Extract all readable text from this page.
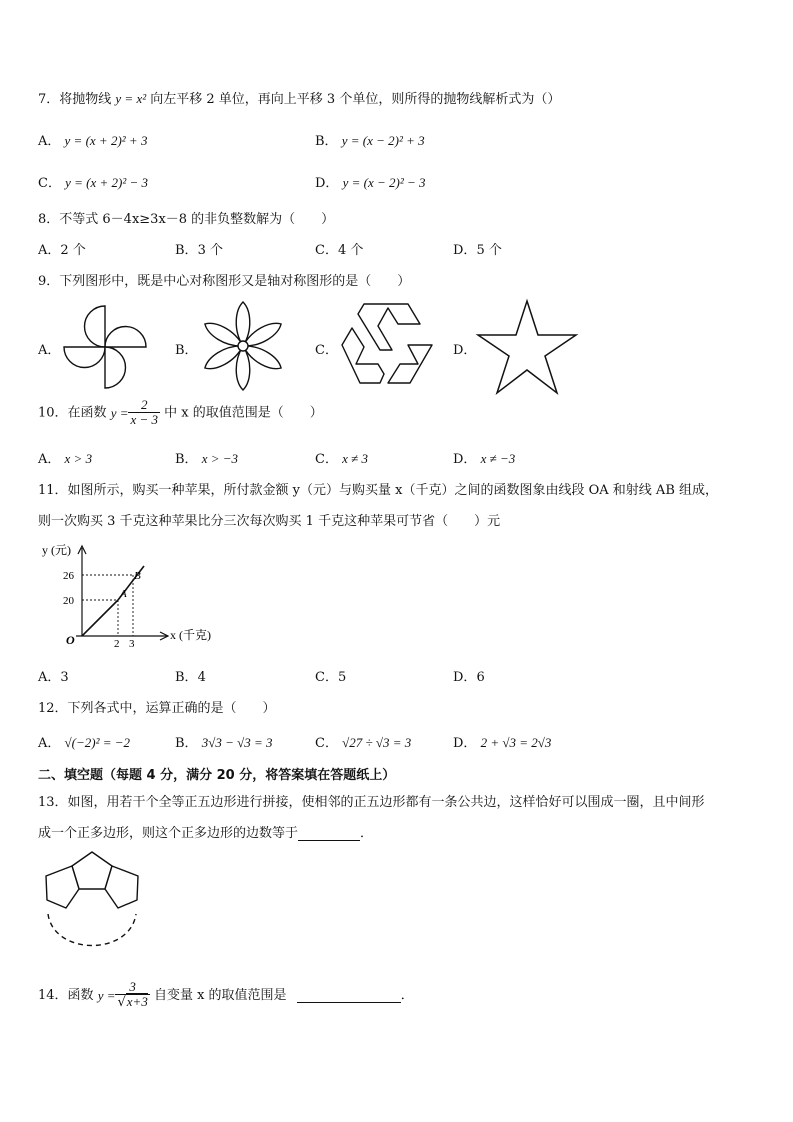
7．将抛物线 y = x² 向左平移 2 单位，再向上平移 3 个单位，则所得的抛物线解析式为（）
A． y = (x + 2)² + 3	B． y = (x − 2)² + 3
C． y = (x + 2)² − 3	D． y = (x − 2)² − 3
8．不等式 6－4x≥3x－8 的非负整数解为（　　）
A．2 个	B．3 个	C．4 个	D．5 个
9．下列图形中，既是中心对称图形又是轴对称图形的是（　　）
A．	B．	C．	D．
10．在函数 $y = \frac{2}{x - 3}$ 中 x 的取值范围是（　　）
A． x > 3	B． x > −3	C． x ≠ 3	D． x ≠ −3
11．如图所示，购买一种苹果，所付款金额 y（元）与购买量 x（千克）之间的函数图象由线段 OA 和射线 AB 组成，
则一次购买 3 千克这种苹果比分三次每次购买 1 千克这种苹果可节省（　　）元
y (元)
x (千克)
O
26
20
2 3
A
B
A．3	B．4	C．5	D．6
12．下列各式中，运算正确的是（　　）
A． √(−2)² = −2	B． 3√3 − √3 = 3	C． √27 ÷ √3 = 3	D． 2 + √3 = 2√3
二、填空题（每题 4 分，满分 20 分，将答案填在答题纸上）
13．如图，用若干个全等正五边形进行拼接，使相邻的正五边形都有一条公共边，这样恰好可以围成一圈，且中间形
成一个正多边形，则这个正多边形的边数等于	．
14．函数 $y = \frac{3}{√x+3}$ 自变量 x 的取值范围是	．
